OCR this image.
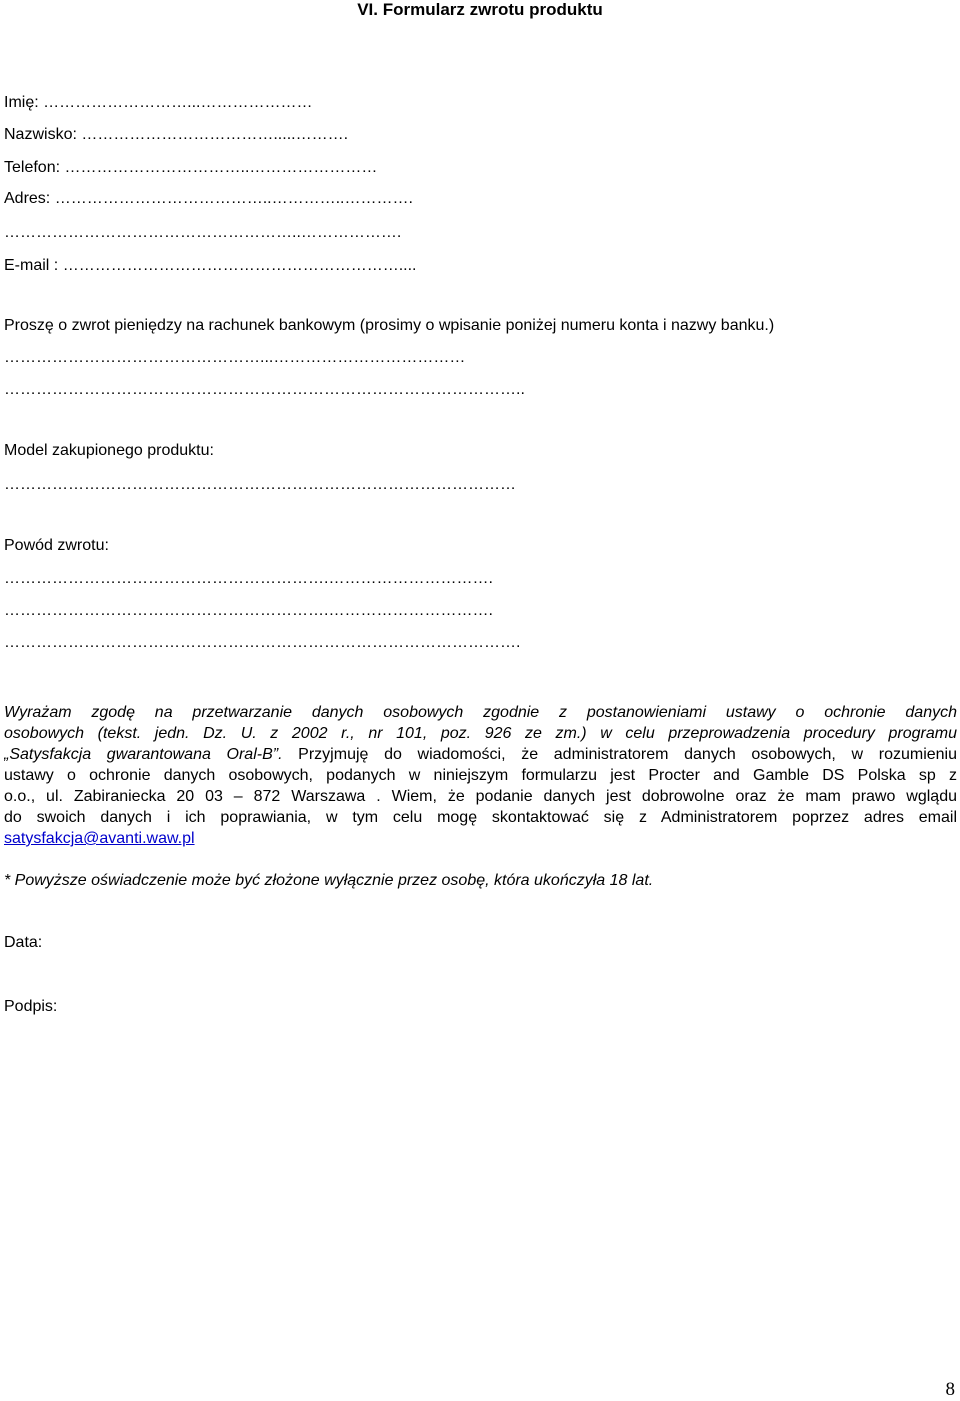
VI. Formularz zwrotu produktu
Imię: ………………………...…………………
Nazwisko: ……………………………….....……….
Telefon: ……………………………..……………………
Adres: …………………………………..…………..………….
………………………………………………..……………….
E-mail : ………………………………………………………....
Proszę o zwrot pieniędzy na rachunek bankowym (prosimy o wpisanie poniżej numeru konta i nazwy banku.)
…………………………………………...………………………………
……………………………………………………………………………………..
Model zakupionego produktu:
……………………………………………………………………………………
Powód zwrotu:
…………………………………………………….………………………….
…………………………………………………….………………………….
…………………………………………………………………………………….
Wyrażam zgodę na przetwarzanie danych osobowych zgodnie z postanowieniami ustawy o ochronie danych
osobowych (tekst. jedn. Dz. U. z 2002 r., nr 101, poz. 926 ze zm.) w celu przeprowadzenia procedury programu
„Satysfakcja gwarantowana Oral-B”. Przyjmuję do wiadomości, że administratorem danych osobowych, w rozumieniu
ustawy o ochronie danych osobowych, podanych w niniejszym formularzu jest Procter and Gamble DS Polska sp z
o.o., ul. Zabiraniecka 20 03 – 872 Warszawa . Wiem, że podanie danych jest dobrowolne oraz że mam prawo wglądu
do swoich danych i ich poprawiania, w tym celu mogę skontaktować się z Administratorem poprzez adres email
satysfakcja@avanti.waw.pl
* Powyższe oświadczenie może być złożone wyłącznie przez osobę, która ukończyła 18 lat.
Data:
Podpis:
8
